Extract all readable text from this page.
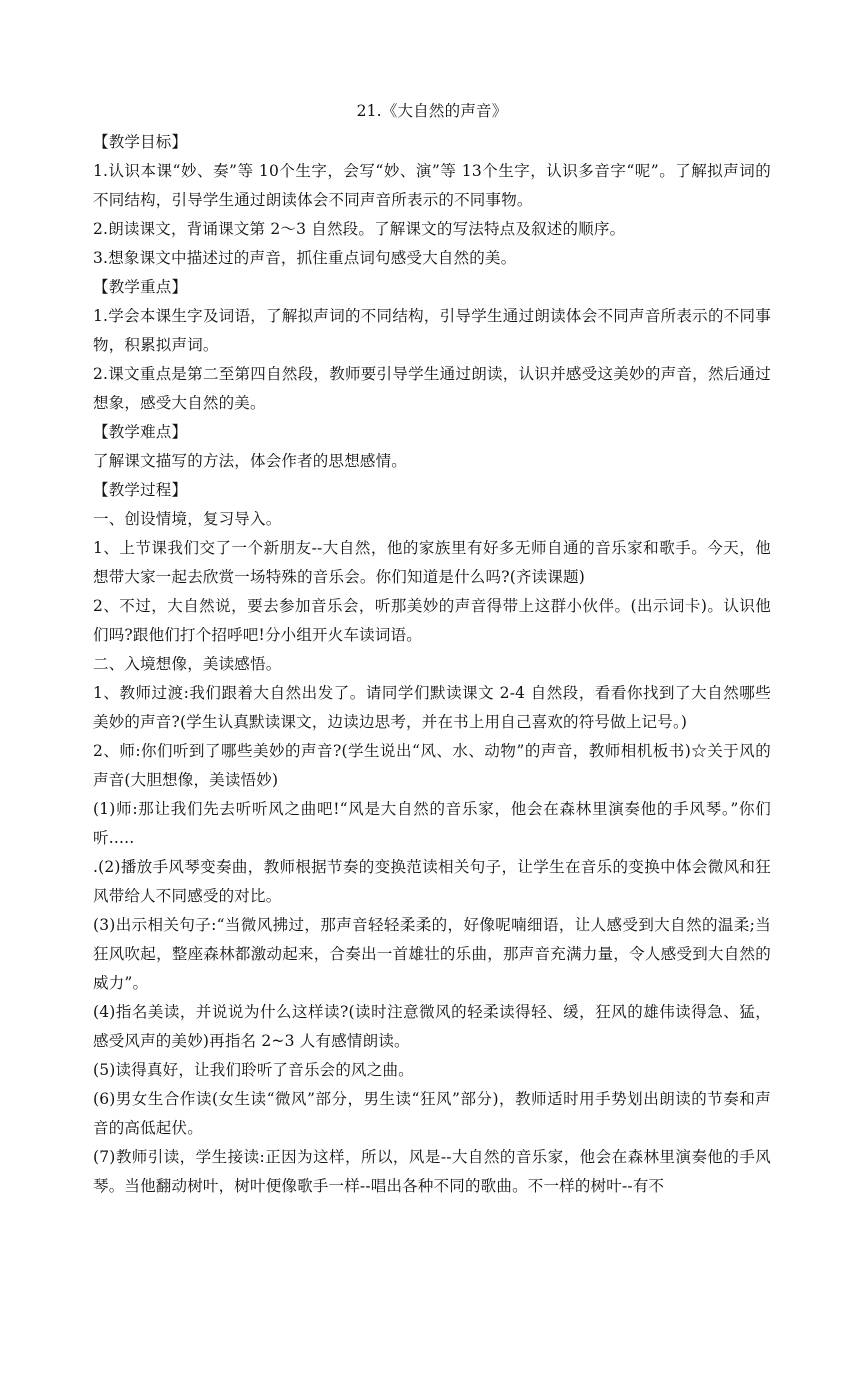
21.《大自然的声音》

【教学目标】

1.认识本课“妙、奏”等 10个生字，会写“妙、演”等 13个生字，认识多音字“呢”。了解拟声词的不同结构，引导学生通过朗读体会不同声音所表示的不同事物。

2.朗读课文，背诵课文第 2～3 自然段。了解课文的写法特点及叙述的顺序。

3.想象课文中描述过的声音，抓住重点词句感受大自然的美。

【教学重点】

1.学会本课生字及词语，了解拟声词的不同结构，引导学生通过朗读体会不同声音所表示的不同事物，积累拟声词。

2.课文重点是第二至第四自然段，教师要引导学生通过朗读，认识并感受这美妙的声音，然后通过想象，感受大自然的美。

【教学难点】

了解课文描写的方法，体会作者的思想感情。

【教学过程】

一、创设情境，复习导入。

1、上节课我们交了一个新朋友--大自然，他的家族里有好多无师自通的音乐家和歌手。今天，他想带大家一起去欣赏一场特殊的音乐会。你们知道是什么吗?(齐读课题)

2、不过，大自然说，要去参加音乐会，听那美妙的声音得带上这群小伙伴。(出示词卡)。认识他们吗?跟他们打个招呼吧!分小组开火车读词语。

二、入境想像，美读感悟。

1、教师过渡:我们跟着大自然出发了。请同学们默读课文 2-4 自然段，看看你找到了大自然哪些美妙的声音?(学生认真默读课文，边读边思考，并在书上用自己喜欢的符号做上记号。)

2、师:你们听到了哪些美妙的声音?(学生说出“风、水、动物”的声音，教师相机板书)☆关于风的声音(大胆想像，美读悟妙)

(1)师:那让我们先去听听风之曲吧!“风是大自然的音乐家，他会在森林里演奏他的手风琴。”你们听.....

.(2)播放手风琴变奏曲，教师根据节奏的变换范读相关句子，让学生在音乐的变换中体会微风和狂风带给人不同感受的对比。

(3)出示相关句子:“当微风拂过，那声音轻轻柔柔的，好像呢喃细语，让人感受到大自然的温柔;当狂风吹起，整座森林都激动起来，合奏出一首雄壮的乐曲，那声音充满力量，令人感受到大自然的威力”。

(4)指名美读，并说说为什么这样读?(读时注意微风的轻柔读得轻、缓，狂风的雄伟读得急、猛，感受风声的美妙)再指名 2~3 人有感情朗读。

(5)读得真好，让我们聆听了音乐会的风之曲。

(6)男女生合作读(女生读“微风”部分，男生读“狂风”部分)，教师适时用手势划出朗读的节奏和声音的高低起伏。

(7)教师引读，学生接读:正因为这样，所以，风是--大自然的音乐家，他会在森林里演奏他的手风琴。当他翻动树叶，树叶便像歌手一样--唱出各种不同的歌曲。不一样的树叶--有不
